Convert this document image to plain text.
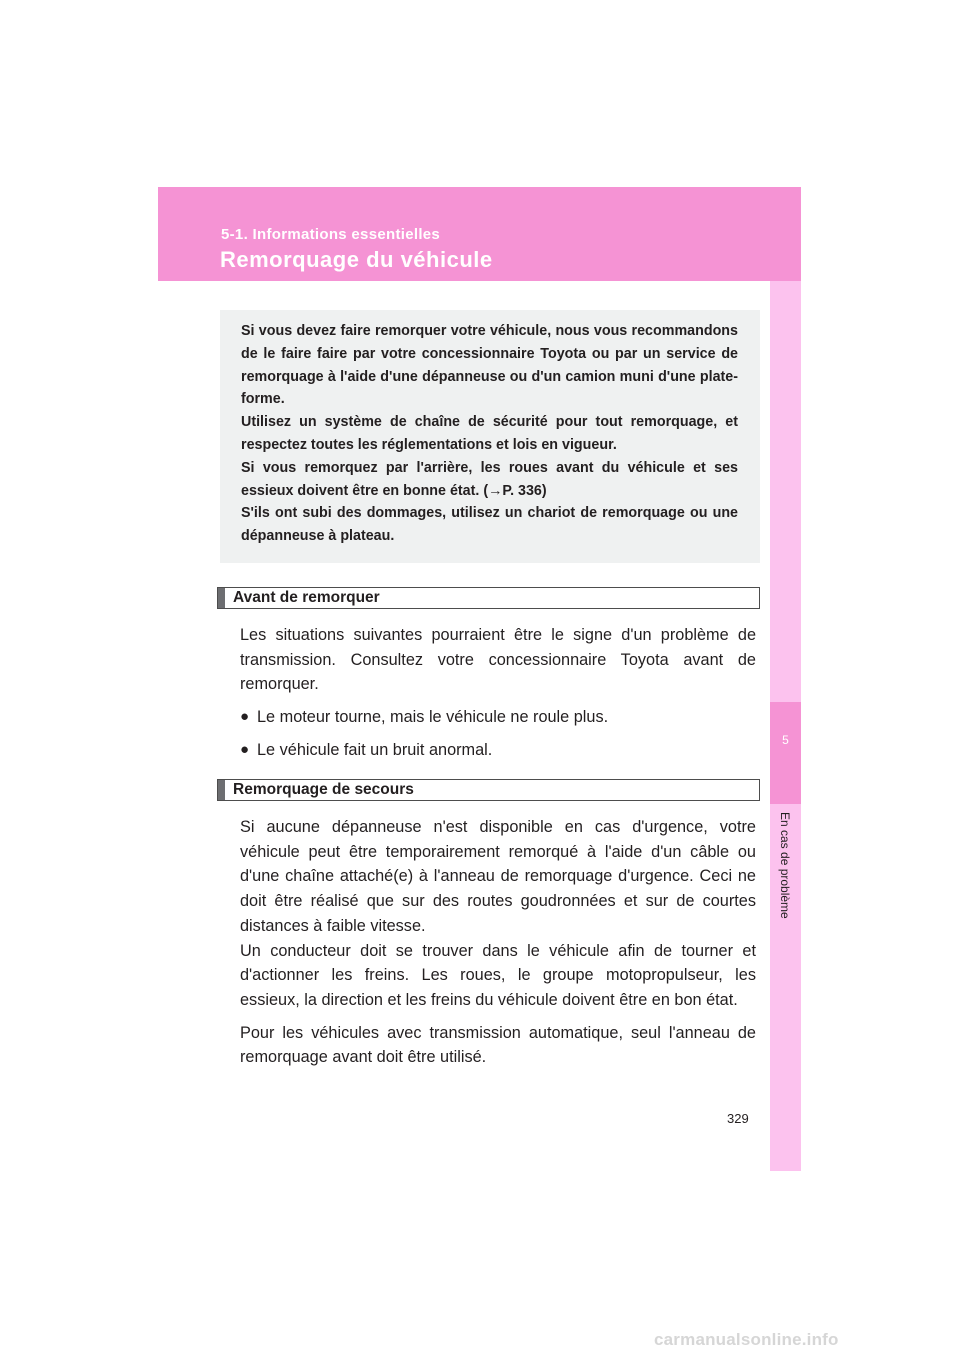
5-1. Informations essentielles
Remorquage du véhicule
5
En cas de problème

Si vous devez faire remorquer votre véhicule, nous vous recommandons de le faire faire par votre concessionnaire Toyota ou par un service de remorquage à l'aide d'une dépanneuse ou d'un camion muni d'une plate-forme.

Utilisez un système de chaîne de sécurité pour tout remorquage, et respectez toutes les réglementations et lois en vigueur.

Si vous remorquez par l'arrière, les roues avant du véhicule et ses essieux doivent être en bonne état. (→P. 336)

S'ils ont subi des dommages, utilisez un chariot de remorquage ou une dépanneuse à plateau.

Avant de remorquer

Les situations suivantes pourraient être le signe d'un problème de transmission. Consultez votre concessionnaire Toyota avant de remorquer.

● Le moteur tourne, mais le véhicule ne roule plus.

● Le véhicule fait un bruit anormal.

Remorquage de secours

Si aucune dépanneuse n'est disponible en cas d'urgence, votre véhicule peut être temporairement remorqué à l'aide d'un câble ou d'une chaîne attaché(e) à l'anneau de remorquage d'urgence. Ceci ne doit être réalisé que sur des routes goudronnées et sur de courtes distances à faible vitesse.

Un conducteur doit se trouver dans le véhicule afin de tourner et d'actionner les freins. Les roues, le groupe motopropulseur, les essieux, la direction et les freins du véhicule doivent être en bon état.

Pour les véhicules avec transmission automatique, seul l'anneau de remorquage avant doit être utilisé.

329
carmanualsonline.info
